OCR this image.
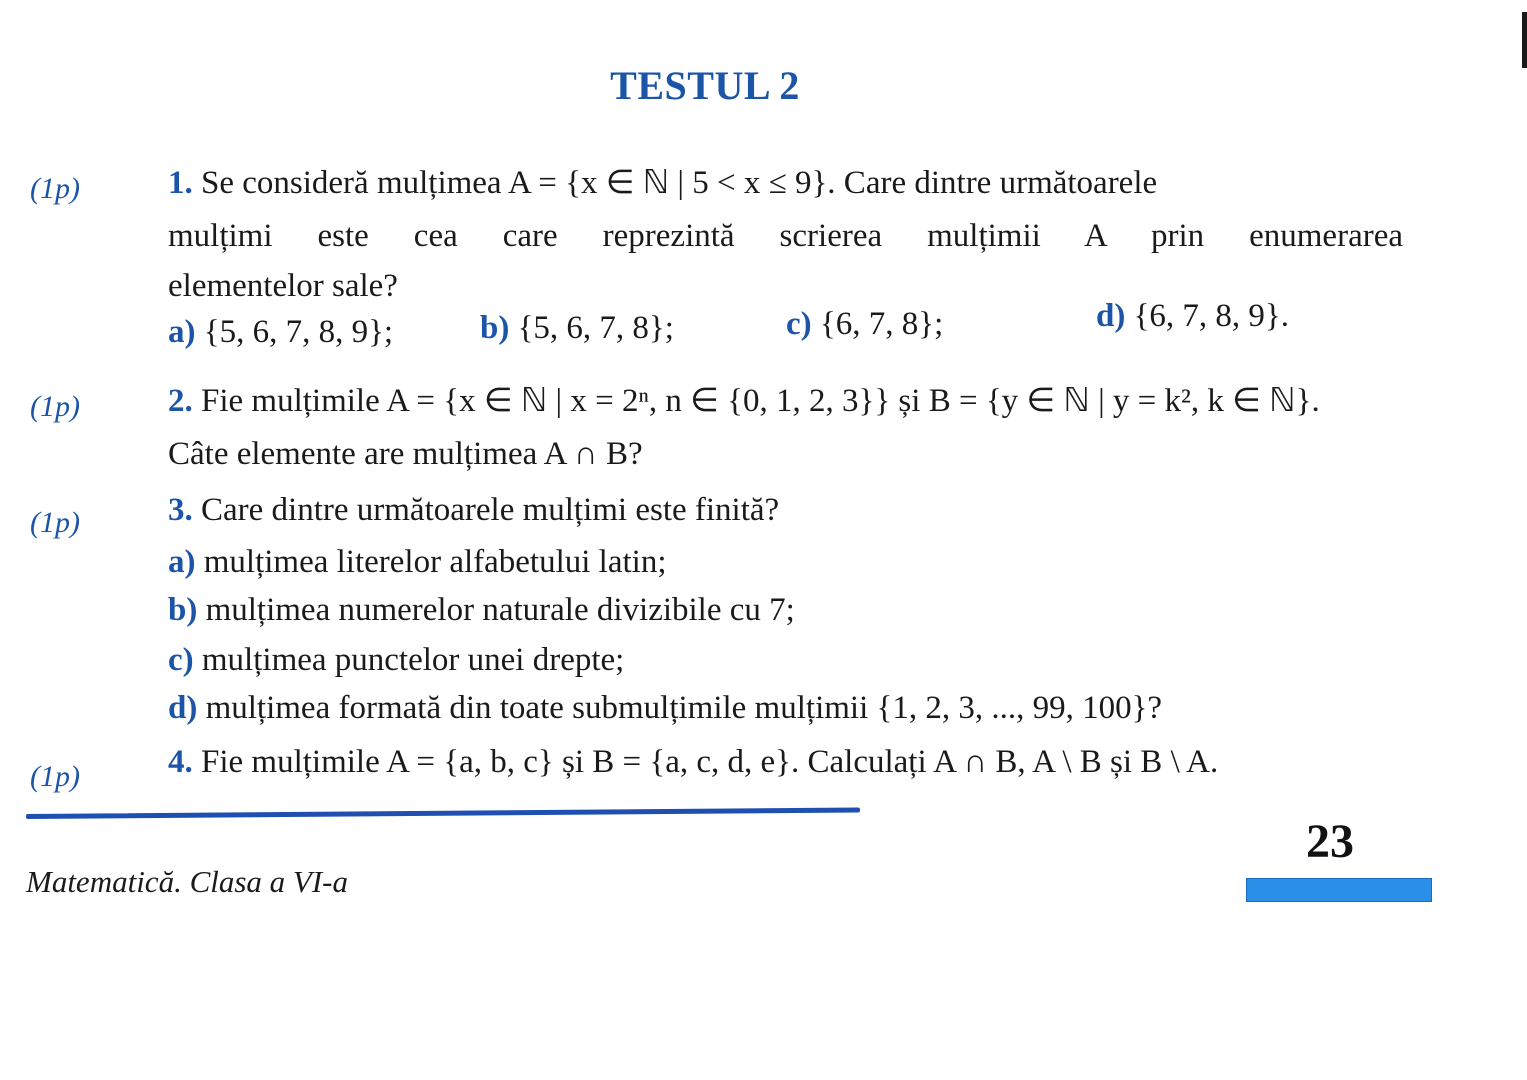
TESTUL 2
(1p)	1. Se consideră mulțimea A = {x ∈ ℕ | 5 < x ≤ 9}. Care dintre următoarele
mulțimi este cea care reprezintă scrierea mulțimii A prin enumerarea
elementelor sale?
a) {5, 6, 7, 8, 9};	b) {5, 6, 7, 8};	c) {6, 7, 8};	d) {6, 7, 8, 9}.
(1p)	2. Fie mulțimile A = {x ∈ ℕ | x = 2ⁿ, n ∈ {0, 1, 2, 3}} și B = {y ∈ ℕ | y = k², k ∈ ℕ}.
Câte elemente are mulțimea A ∩ B?
(1p)	3. Care dintre următoarele mulțimi este finită?
a) mulțimea literelor alfabetului latin;
b) mulțimea numerelor naturale divizibile cu 7;
c) mulțimea punctelor unei drepte;
d) mulțimea formată din toate submulțimile mulțimii {1, 2, 3, ..., 99, 100}?
(1p)	4. Fie mulțimile A = {a, b, c} și B = {a, c, d, e}. Calculați A ∩ B, A \ B și B \ A.
23
Matematică. Clasa a VI-a
